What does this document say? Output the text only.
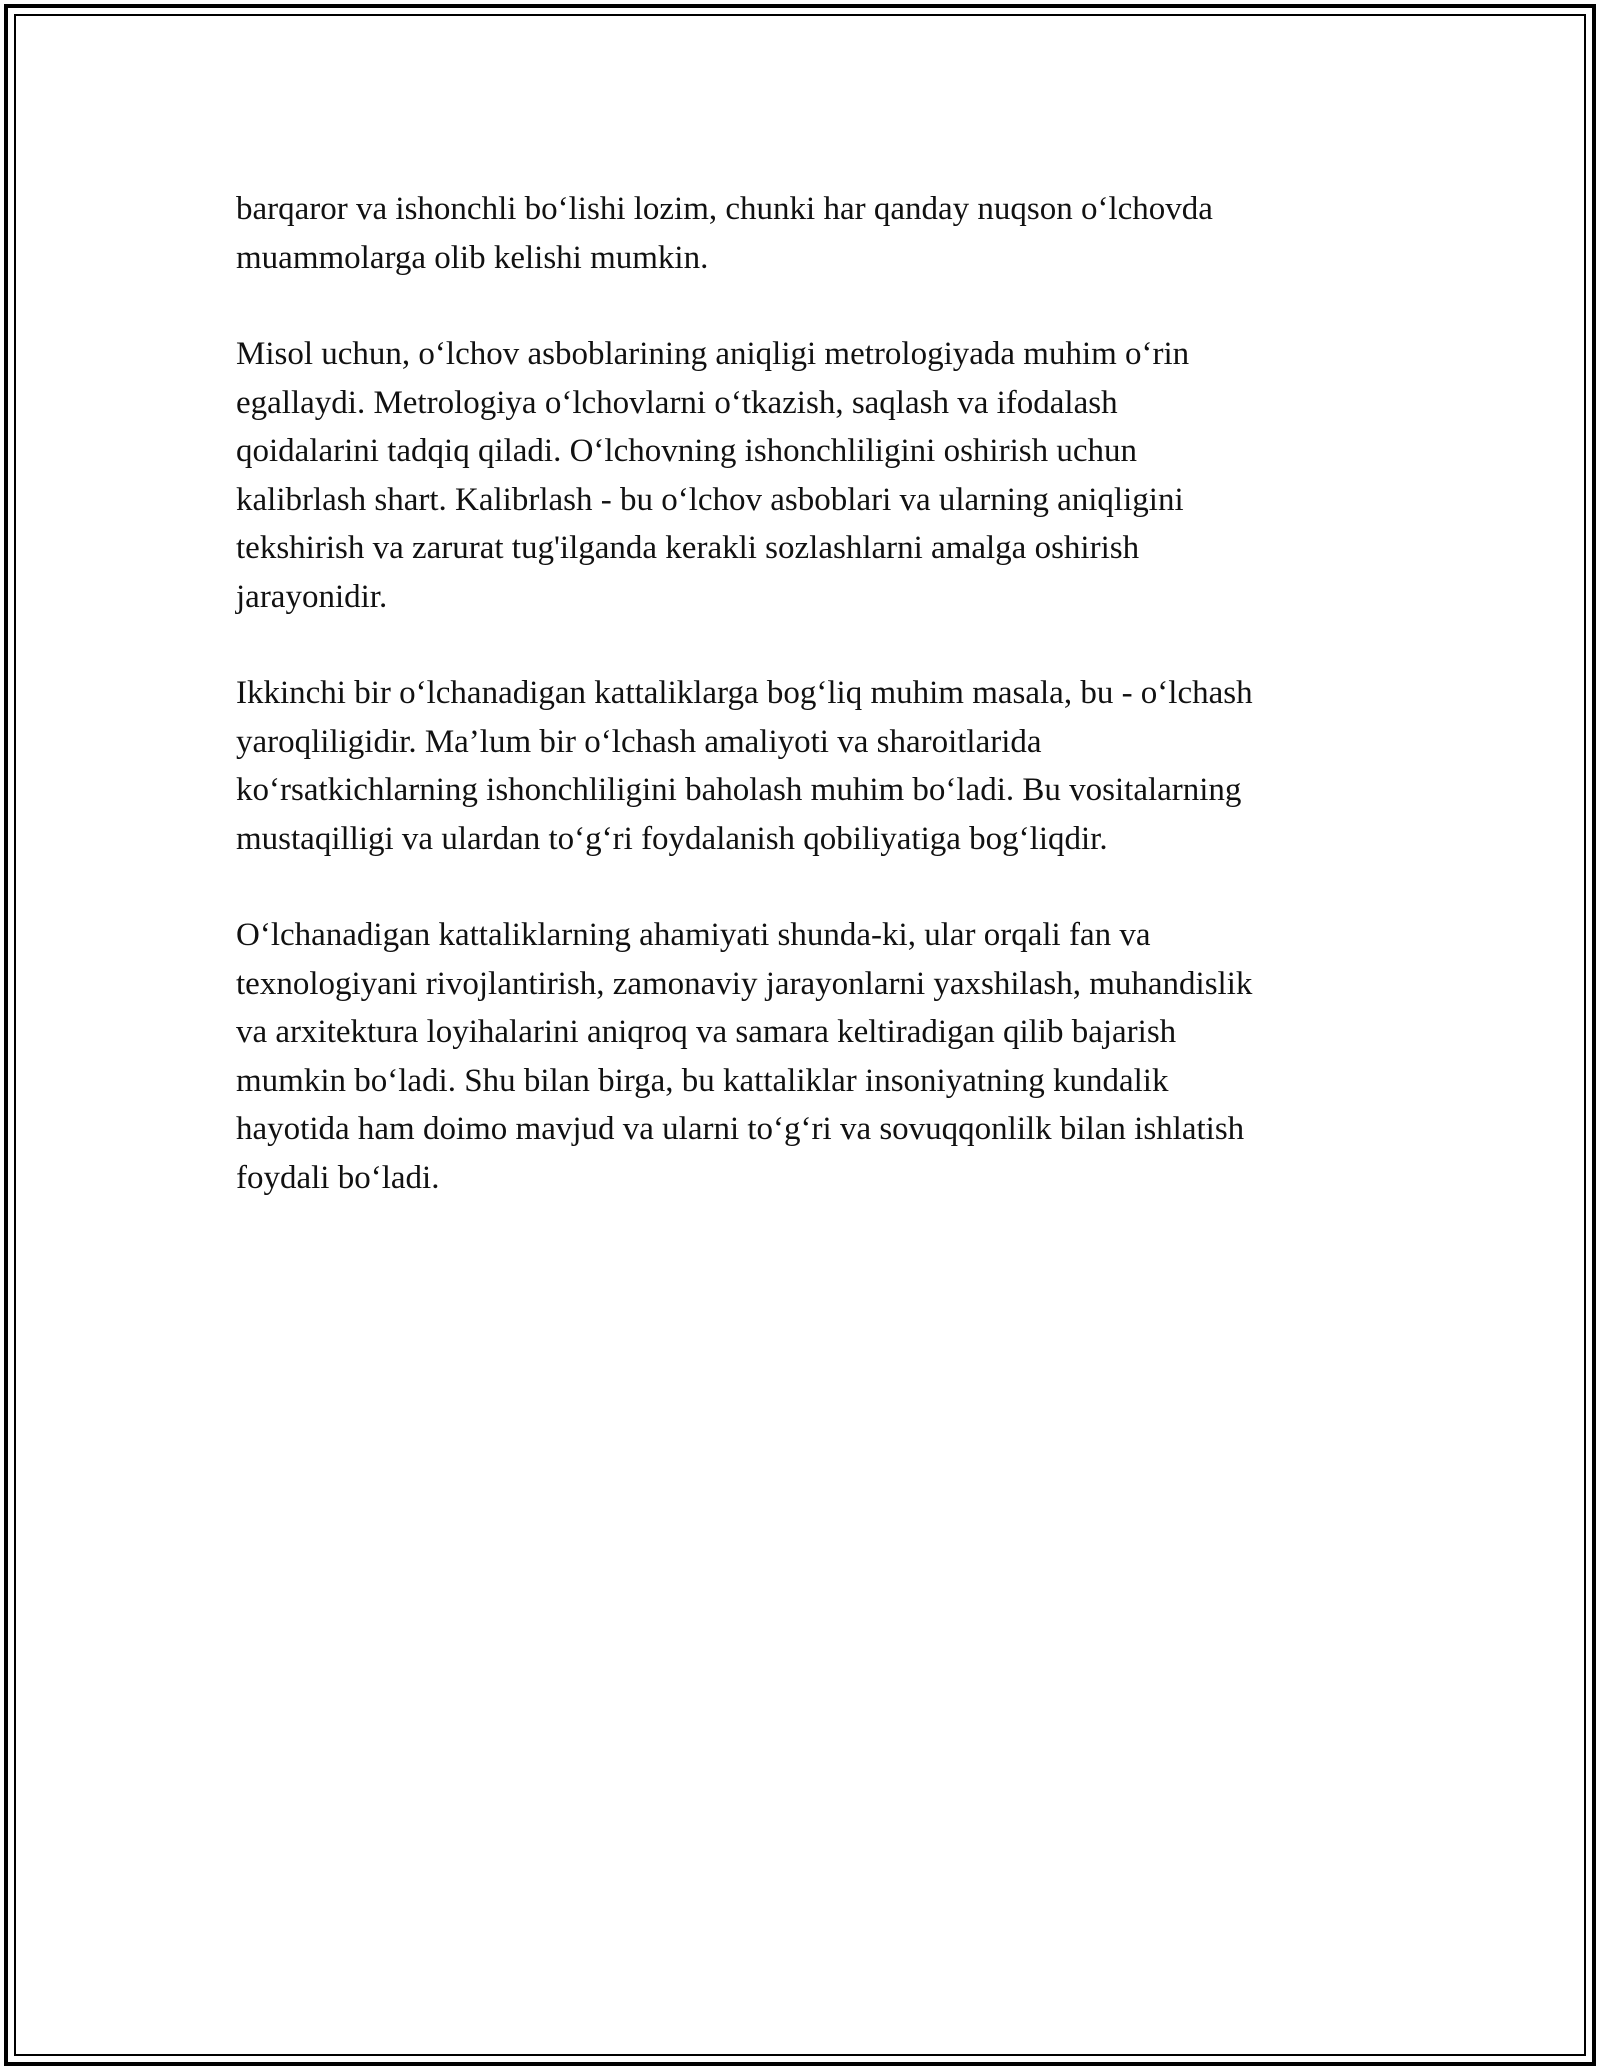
barqaror va ishonchli bo‘lishi lozim, chunki har qanday nuqson o‘lchovda
muammolarga olib kelishi mumkin.

Misol uchun, o‘lchov asboblarining aniqligi metrologiyada muhim o‘rin
egallaydi. Metrologiya o‘lchovlarni o‘tkazish, saqlash va ifodalash
qoidalarini tadqiq qiladi. O‘lchovning ishonchliligini oshirish uchun
kalibrlash shart. Kalibrlash - bu o‘lchov asboblari va ularning aniqligini
tekshirish va zarurat tug'ilganda kerakli sozlashlarni amalga oshirish
jarayonidir.

Ikkinchi bir o‘lchanadigan kattaliklarga bog‘liq muhim masala, bu - o‘lchash
yaroqliligidir. Ma’lum bir o‘lchash amaliyoti va sharoitlarida
ko‘rsatkichlarning ishonchliligini baholash muhim bo‘ladi. Bu vositalarning
mustaqilligi va ulardan to‘g‘ri foydalanish qobiliyatiga bog‘liqdir.

O‘lchanadigan kattaliklarning ahamiyati shunda-ki, ular orqali fan va
texnologiyani rivojlantirish, zamonaviy jarayonlarni yaxshilash, muhandislik
va arxitektura loyihalarini aniqroq va samara keltiradigan qilib bajarish
mumkin bo‘ladi. Shu bilan birga, bu kattaliklar insoniyatning kundalik
hayotida ham doimo mavjud va ularni to‘g‘ri va sovuqqonlilk bilan ishlatish
foydali bo‘ladi.
